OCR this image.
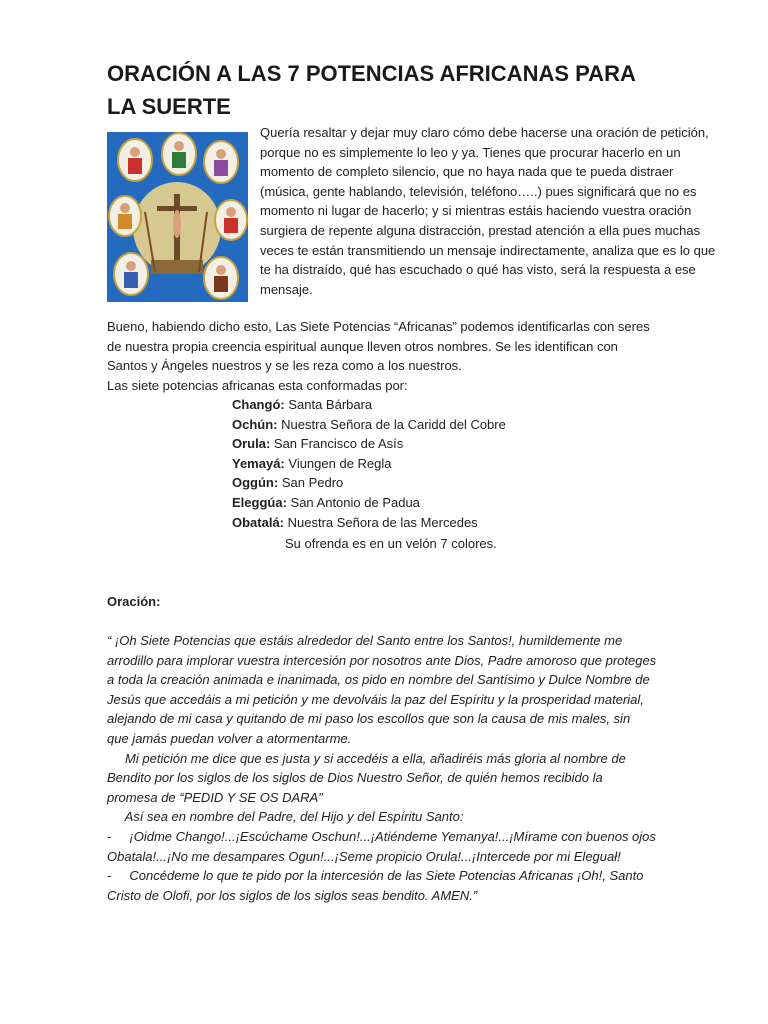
ORACIÓN A LAS 7 POTENCIAS AFRICANAS PARA
LA SUERTE

Quería resaltar y dejar muy claro cómo debe hacerse una oración de petición, porque no es simplemente lo leo y ya. Tienes que procurar hacerlo en un momento de completo silencio, que no haya nada que te pueda distraer (música, gente hablando, televisión, teléfono…..) pues significará que no es momento ni lugar de hacerlo; y si mientras estáis haciendo vuestra oración surgiera de repente alguna distracción, prestad atención a ella pues muchas veces te están transmitiendo un mensaje indirectamente, analiza que es lo que te ha distraído, qué has escuchado o qué has visto, será la respuesta a ese mensaje.

Bueno, habiendo dicho esto, Las Siete Potencias “Africanas” podemos identificarlas con seres
de nuestra propia creencia espiritual aunque lleven otros nombres. Se les identifican con
Santos y Ángeles nuestros y se les reza como a los nuestros.
Las siete potencias africanas esta conformadas por:

Changó: Santa Bárbara
Ochún: Nuestra Señora de la Caridd del Cobre
Orula: San Francisco de Asís
Yemayá: Viungen de Regla
Oggún: San Pedro
Eleggúa: San Antonio de Padua
Obatalá: Nuestra Señora de las Mercedes

Su ofrenda es en un velón 7 colores.

Oración:

“ ¡Oh Siete Potencias que estáis alrededor del Santo entre los Santos!, humildemente me
arrodillo para implorar vuestra intercesión por nosotros ante Dios, Padre amoroso que proteges
a toda la creación animada e inanimada, os pido en nombre del Santísimo y Dulce Nombre de
Jesús que accedáis a mi petición y me devolváis la paz del Espíritu y la prosperidad material,
alejando de mi casa y quitando de mi paso los escollos que son la causa de mis males, sin
que jamás puedan volver a atormentarme.
Mi petición me dice que es justa y si accedéis a ella, añadiréis más gloria al nombre de
Bendito por los siglos de los siglos de Dios Nuestro Señor, de quién hemos recibido la
promesa de “PEDID Y SE OS DARA”
Así sea en nombre del Padre, del Hijo y del Espíritu Santo:
-     ¡Oidme Chango!...¡Escúchame Oschun!...¡Atiéndeme Yemanya!...¡Mírame con buenos ojos
Obatala!...¡No me desampares Ogun!...¡Seme propicio Orula!...¡Intercede por mi Eleguał!
-     Concédeme lo que te pido por la intercesión de las Siete Potencias Africanas ¡Oh!, Santo
Cristo de Olofi, por los siglos de los siglos seas bendito. AMEN.”
